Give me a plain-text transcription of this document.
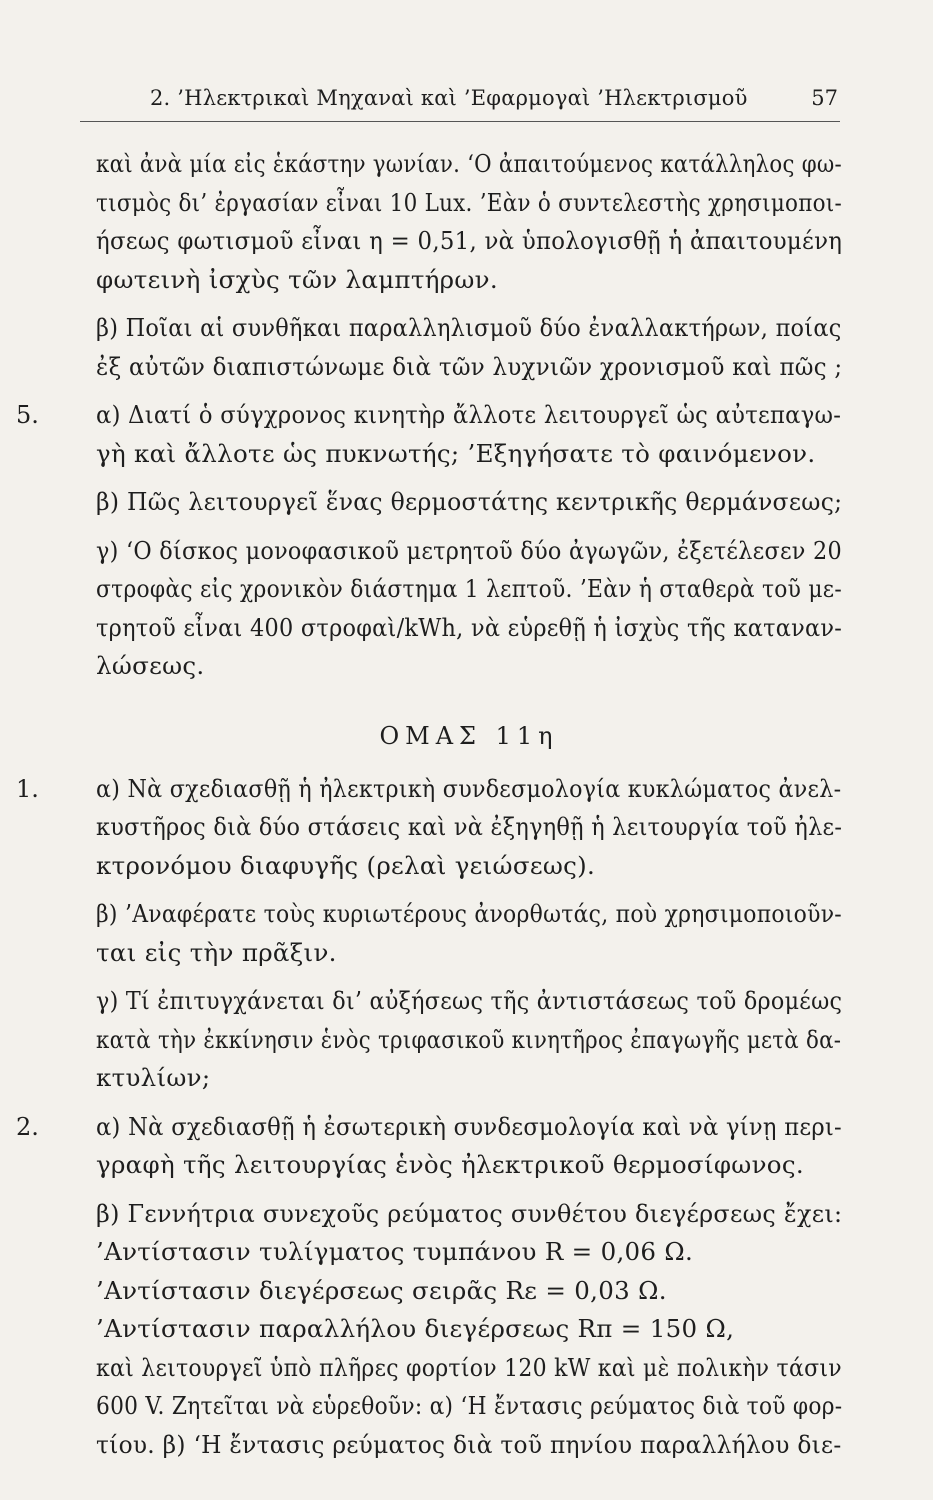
2. ’Ηλεκτρικαὶ Μηχαναὶ καὶ ’Εφαρμογαὶ ’Ηλεκτρισμοῦ	57
καὶ ἀνὰ μία εἰς ἑκάστην γωνίαν. ‘Ο ἀπαιτούμενος κατάλληλος φω-
τισμὸς δι’ ἐργασίαν εἶναι 10 Lux. ’Εὰν ὁ συντελεστὴς χρησιμοποι-
ήσεως φωτισμοῦ εἶναι η = 0,51, νὰ ὑπολογισθῇ ἡ ἀπαιτουμένη
φωτεινὴ ἰσχὺς τῶν λαμπτήρων.
β) Ποῖαι αἱ συνθῆκαι παραλληλισμοῦ δύο ἐναλλακτήρων, ποίας
ἐξ αὐτῶν διαπιστώνωμε διὰ τῶν λυχνιῶν χρονισμοῦ καὶ πῶς ;
5. α) Διατί ὁ σύγχρονος κινητὴρ ἄλλοτε λειτουργεῖ ὡς αὐτεπαγω-
γὴ καὶ ἄλλοτε ὡς πυκνωτής; ’Εξηγήσατε τὸ φαινόμενον.
β) Πῶς λειτουργεῖ ἕνας θερμοστάτης κεντρικῆς θερμάνσεως;
γ) ‘Ο δίσκος μονοφασικοῦ μετρητοῦ δύο ἀγωγῶν, ἐξετέλεσεν 20
στροφὰς εἰς χρονικὸν διάστημα 1 λεπτοῦ. ’Εὰν ἡ σταθερὰ τοῦ με-
τρητοῦ εἶναι 400 στροφαὶ/kWh, νὰ εὑρεθῇ ἡ ἰσχὺς τῆς καταναν-
λώσεως.
ΟΜΑΣ 11η
1. α) Νὰ σχεδιασθῇ ἡ ἠλεκτρικὴ συνδεσμολογία κυκλώματος ἀνελ-
κυστῆρος διὰ δύο στάσεις καὶ νὰ ἐξηγηθῇ ἡ λειτουργία τοῦ ἠλε-
κτρονόμου διαφυγῆς (ρελαὶ γειώσεως).
β) ’Αναφέρατε τοὺς κυριωτέρους ἀνορθωτάς, ποὺ χρησιμοποιοῦν-
ται εἰς τὴν πρᾶξιν.
γ) Τί ἐπιτυγχάνεται δι’ αὐξήσεως τῆς ἀντιστάσεως τοῦ δρομέως
κατὰ τὴν ἐκκίνησιν ἑνὸς τριφασικοῦ κινητῆρος ἐπαγωγῆς μετὰ δα-
κτυλίων;
2. α) Νὰ σχεδιασθῇ ἡ ἐσωτερικὴ συνδεσμολογία καὶ νὰ γίνῃ περι-
γραφὴ τῆς λειτουργίας ἑνὸς ἠλεκτρικοῦ θερμοσίφωνος.
β) Γεννήτρια συνεχοῦς ρεύματος συνθέτου διεγέρσεως ἔχει:
’Αντίστασιν τυλίγματος τυμπάνου R = 0,06 Ω.
’Αντίστασιν διεγέρσεως σειρᾶς Rε = 0,03 Ω.
’Αντίστασιν παραλλήλου διεγέρσεως Rπ = 150 Ω,
καὶ λειτουργεῖ ὑπὸ πλῆρες φορτίον 120 kW καὶ μὲ πολικὴν τάσιν
600 V. Ζητεῖται νὰ εὑρεθοῦν: α) ‘Η ἔντασις ρεύματος διὰ τοῦ φορ-
τίου. β) ‘Η ἔντασις ρεύματος διὰ τοῦ πηνίου παραλλήλου διε-
